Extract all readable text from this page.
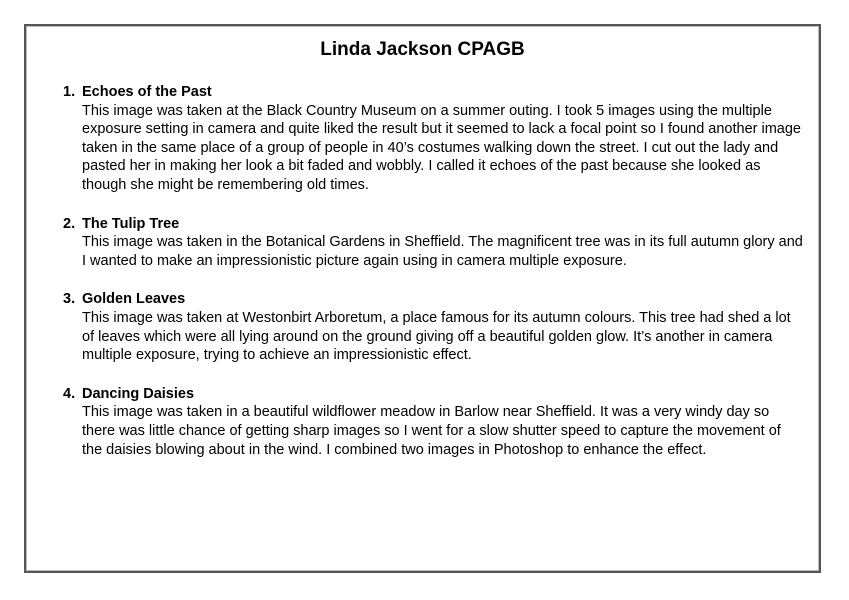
Linda Jackson CPAGB
1. Echoes of the Past
This image was taken at the Black Country Museum on a summer outing. I took 5 images using the multiple exposure setting in camera and quite liked the result but it seemed to lack a focal point so I found another image taken in the same place of a group of people in 40’s costumes walking down the street. I cut out the lady and pasted her in making her look a bit faded and wobbly. I called it echoes of the past because she looked as though she might be remembering old times.
2. The Tulip Tree
This image was taken in the Botanical Gardens in Sheffield. The magnificent tree was in its full autumn glory and I wanted to make an impressionistic picture again using in camera multiple exposure.
3. Golden Leaves
This image was taken at Westonbirt Arboretum, a place famous for its autumn colours. This tree had shed a lot of leaves which were all lying around on the ground giving off a beautiful golden glow. It’s another in camera multiple exposure, trying to achieve an impressionistic effect.
4. Dancing Daisies
This image was taken in a beautiful wildflower meadow in Barlow near Sheffield. It was a very windy day so there was little chance of getting sharp images so I went for a slow shutter speed to capture the movement of the daisies blowing about in the wind. I combined two images in Photoshop to enhance the effect.
